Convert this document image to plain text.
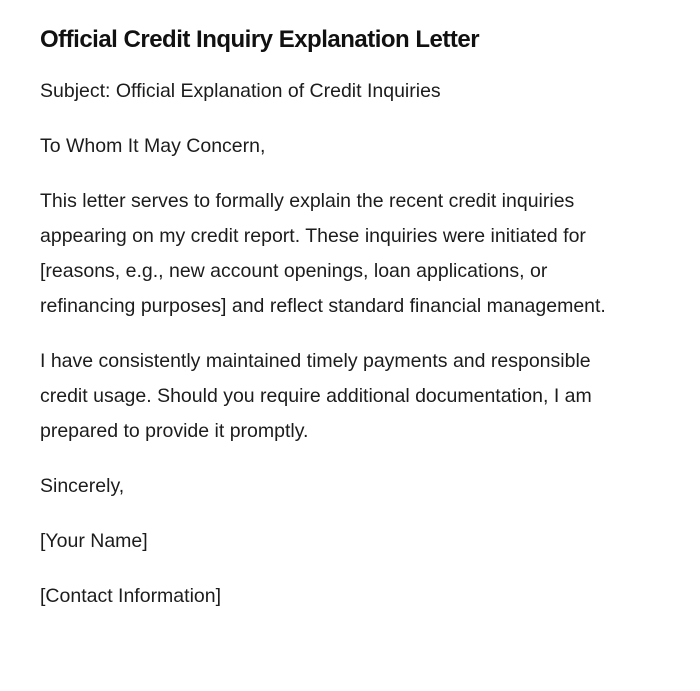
Official Credit Inquiry Explanation Letter

Subject: Official Explanation of Credit Inquiries

To Whom It May Concern,

This letter serves to formally explain the recent credit inquiries appearing on my credit report. These inquiries were initiated for [reasons, e.g., new account openings, loan applications, or refinancing purposes] and reflect standard financial management.

I have consistently maintained timely payments and responsible credit usage. Should you require additional documentation, I am prepared to provide it promptly.

Sincerely,

[Your Name]

[Contact Information]
